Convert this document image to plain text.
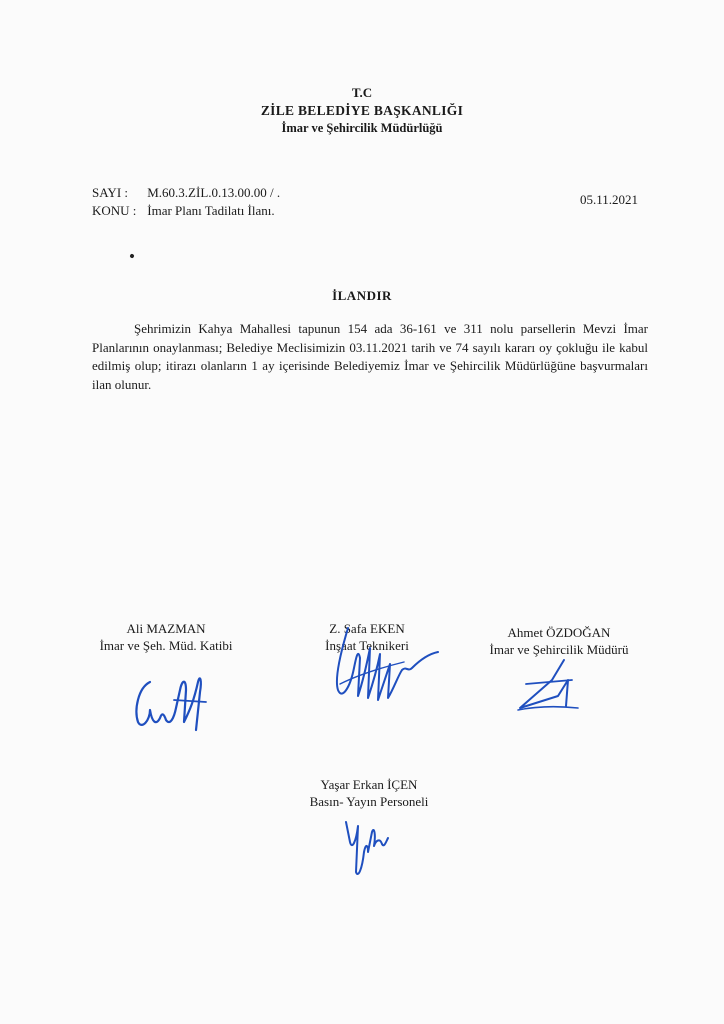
T.C
ZİLE BELEDİYE BAŞKANLIĞI
İmar ve Şehircilik Müdürlüğü
SAYI : M.60.3.ZİL.0.13.00.00 / .
KONU : İmar Planı Tadilatı İlanı.
05.11.2021
İLANDIR
Şehrimizin Kahya Mahallesi tapunun 154 ada 36-161 ve 311 nolu parsellerin Mevzi İmar Planlarının onaylanması; Belediye Meclisimizin 03.11.2021 tarih ve 74 sayılı kararı oy çokluğu ile kabul edilmiş olup; itirazı olanların 1 ay içerisinde Belediyemiz İmar ve Şehircilik Müdürlüğüne başvurmaları ilan olunur.
Ali MAZMAN
İmar ve Şeh. Müd. Katibi
Z. Safa EKEN
İnşaat Teknikeri
Ahmet ÖZDOĞAN
İmar ve Şehircilik Müdürü
Yaşar Erkan İÇEN
Basın- Yayın Personeli
